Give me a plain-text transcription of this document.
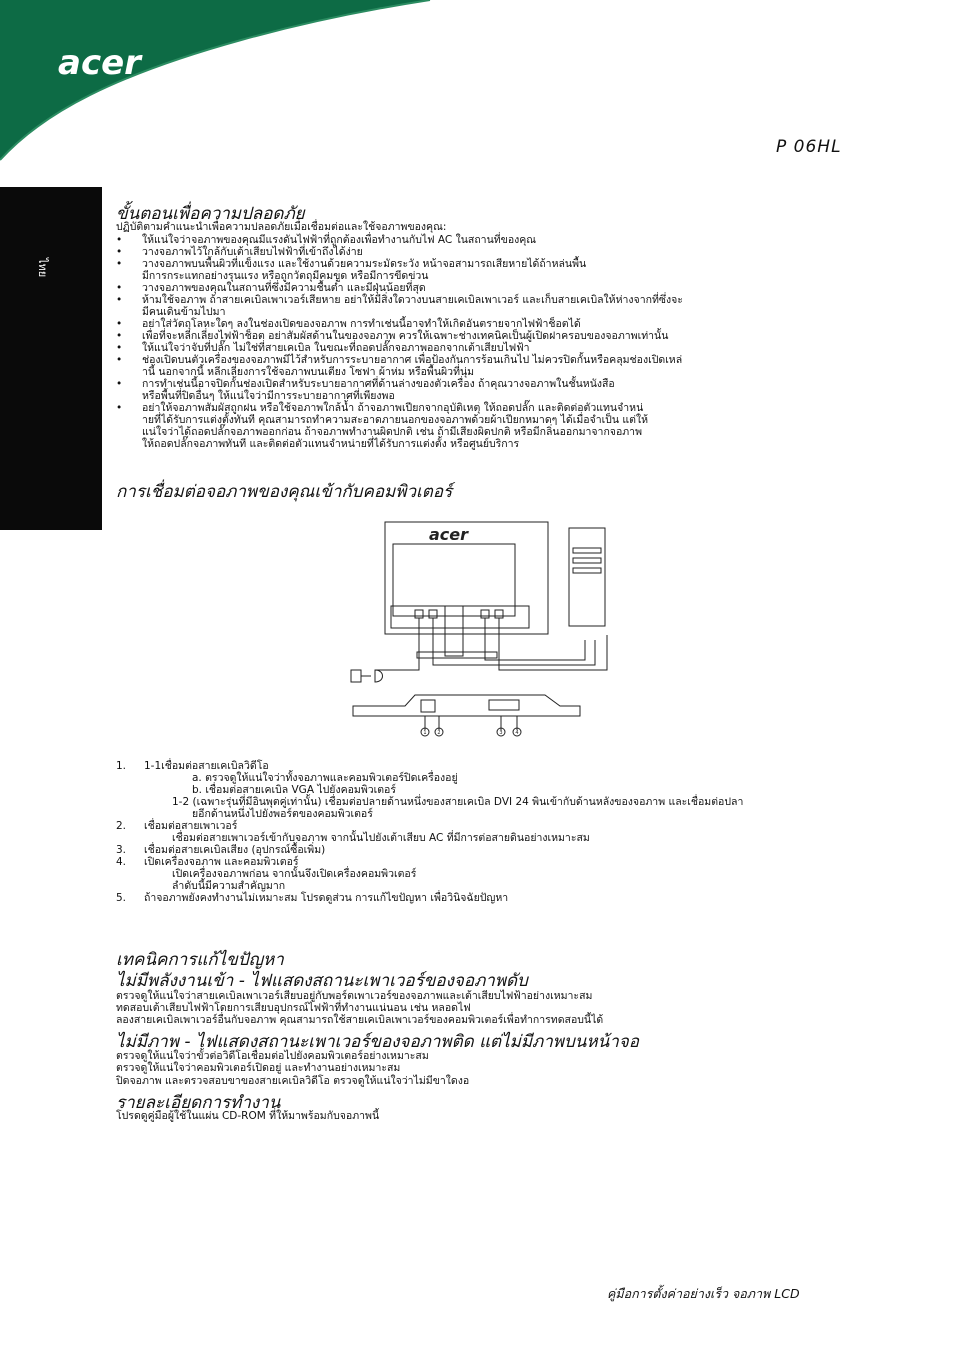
acer
P 06HL
ไทย
ขั้นตอนเพื่อความปลอดภัย
ปฏิบัติตามคำแนะนำเพื่อความปลอดภัยเมื่อเชื่อมต่อและใช้จอภาพของคุณ:
• ให้แน่ใจว่าจอภาพของคุณมีแรงดันไฟฟ้าที่ถูกต้องเพื่อทำงานกับไฟ AC ในสถานที่ของคุณ
• วางจอภาพไว้ใกล้กับเต้าเสียบไฟฟ้าที่เข้าถึงได้ง่าย
• วางจอภาพบนพื้นผิวที่แข็งแรง และใช้งานด้วยความระมัดระวัง หน้าจอสามารถเสียหายได้ถ้าหล่นพื้น
มีการกระแทกอย่างรุนแรง หรือถูกวัตถุมีคมขูด หรือมีการขีดข่วน
• วางจอภาพของคุณในสถานที่ซึ่งมีความชื้นต่ำ และมีฝุ่นน้อยที่สุด
• ห้ามใช้จอภาพ ถ้าสายเคเบิลเพาเวอร์เสียหาย อย่าให้มีสิ่งใดวางบนสายเคเบิลเพาเวอร์ และเก็บสายเคเบิลให้ห่างจากที่ซึ่งจะ
มีคนเดินข้ามไปมา
• อย่าใส่วัตถุโลหะใดๆ ลงในช่องเปิดของจอภาพ การทำเช่นนี้อาจทำให้เกิดอันตรายจากไฟฟ้าช็อตได้
• เพื่อที่จะหลีกเลี่ยงไฟฟ้าช็อต อย่าสัมผัสด้านในของจอภาพ ควรให้เฉพาะช่างเทคนิคเป็นผู้เปิดฝาครอบของจอภาพเท่านั้น
• ให้แน่ใจว่าจับที่ปลั๊ก ไม่ใช่ที่สายเคเบิล ในขณะที่ถอดปลั๊กจอภาพออกจากเต้าเสียบไฟฟ้า
• ช่องเปิดบนตัวเครื่องของจอภาพมีไว้สำหรับการระบายอากาศ เพื่อป้องกันการร้อนเกินไป ไม่ควรปิดกั้นหรือคลุมช่องเปิดเหล่
านี้ นอกจากนี้ หลีกเลี่ยงการใช้จอภาพบนเตียง โซฟา ผ้าห่ม หรือพื้นผิวที่นุ่ม
• การทำเช่นนี้อาจปิดกั้นช่องเปิดสำหรับระบายอากาศที่ด้านล่างของตัวเครื่อง ถ้าคุณวางจอภาพในชั้นหนังสือ
หรือพื้นที่ปิดอื่นๆ ให้แน่ใจว่ามีการระบายอากาศที่เพียงพอ
• อย่าให้จอภาพสัมผัสถูกฝน หรือใช้จอภาพใกล้น้ำ ถ้าจอภาพเปียกจากอุบัติเหตุ ให้ถอดปลั๊ก และติดต่อตัวแทนจำหน่
ายที่ได้รับการแต่งตั้งทันที คุณสามารถทำความสะอาดภายนอกของจอภาพด้วยผ้าเปียกหมาดๆ ได้เมื่อจำเป็น แต่ให้
แน่ใจว่าได้ถอดปลั๊กจอภาพออกก่อน ถ้าจอภาพทำงานผิดปกติ เช่น ถ้ามีเสียงผิดปกติ หรือมีกลิ่นออกมาจากจอภาพ
ให้ถอดปลั๊กจอภาพทันที และติดต่อตัวแทนจำหน่ายที่ได้รับการแต่งตั้ง หรือศูนย์บริการ
การเชื่อมต่อจอภาพของคุณเข้ากับคอมพิวเตอร์
acer
1 2	3	4
1. 1-1เชื่อมต่อสายเคเบิลวิดีโอ
a. ตรวจดูให้แน่ใจว่าทั้งจอภาพและคอมพิวเตอร์ปิดเครื่องอยู่
b. เชื่อมต่อสายเคเบิล VGA ไปยังคอมพิวเตอร์
1-2 (เฉพาะรุ่นที่มีอินพุตคู่เท่านั้น) เชื่อมต่อปลายด้านหนึ่งของสายเคเบิล DVI 24 พินเข้ากับด้านหลังของจอภาพ และเชื่อมต่อปลา
ยอีกด้านหนึ่งไปยังพอร์ตของคอมพิวเตอร์
2. เชื่อมต่อสายเพาเวอร์
เชื่อมต่อสายเพาเวอร์เข้ากับจอภาพ จากนั้นไปยังเต้าเสียบ AC ที่มีการต่อสายดินอย่างเหมาะสม
3. เชื่อมต่อสายเคเบิลเสียง (อุปกรณ์ซื้อเพิ่ม)
4. เปิดเครื่องจอภาพ และคอมพิวเตอร์
เปิดเครื่องจอภาพก่อน จากนั้นจึงเปิดเครื่องคอมพิวเตอร์
ลำดับนี้มีความสำคัญมาก
5. ถ้าจอภาพยังคงทำงานไม่เหมาะสม โปรดดูส่วน การแก้ไขปัญหา เพื่อวินิจฉัยปัญหา
เทคนิคการแก้ไขปัญหา
ไม่มีพลังงานเข้า - ไฟแสดงสถานะเพาเวอร์ของจอภาพดับ
ตรวจดูให้แน่ใจว่าสายเคเบิลเพาเวอร์เสียบอยู่กับพอร์ตเพาเวอร์ของจอภาพและเต้าเสียบไฟฟ้าอย่างเหมาะสม
ทดสอบเต้าเสียบไฟฟ้าโดยการเสียบอุปกรณ์ไฟฟ้าที่ทำงานแน่นอน เช่น หลอดไฟ
ลองสายเคเบิลเพาเวอร์อื่นกับจอภาพ คุณสามารถใช้สายเคเบิลเพาเวอร์ของคอมพิวเตอร์เพื่อทำการทดสอบนี้ได้
ไม่มีภาพ - ไฟแสดงสถานะเพาเวอร์ของจอภาพติด แต่ไม่มีภาพบนหน้าจอ
ตรวจดูให้แน่ใจว่าขั้วต่อวิดีโอเชื่อมต่อไปยังคอมพิวเตอร์อย่างเหมาะสม
ตรวจดูให้แน่ใจว่าคอมพิวเตอร์เปิดอยู่ และทำงานอย่างเหมาะสม
ปิดจอภาพ และตรวจสอบขาของสายเคเบิลวิดีโอ ตรวจดูให้แน่ใจว่าไม่มีขาใดงอ
รายละเอียดการทำงาน
โปรดดูคู่มือผู้ใช้ในแผ่น CD-ROM ที่ให้มาพร้อมกับจอภาพนี้
คู่มือการตั้งค่าอย่างเร็ว จอภาพ LCD
